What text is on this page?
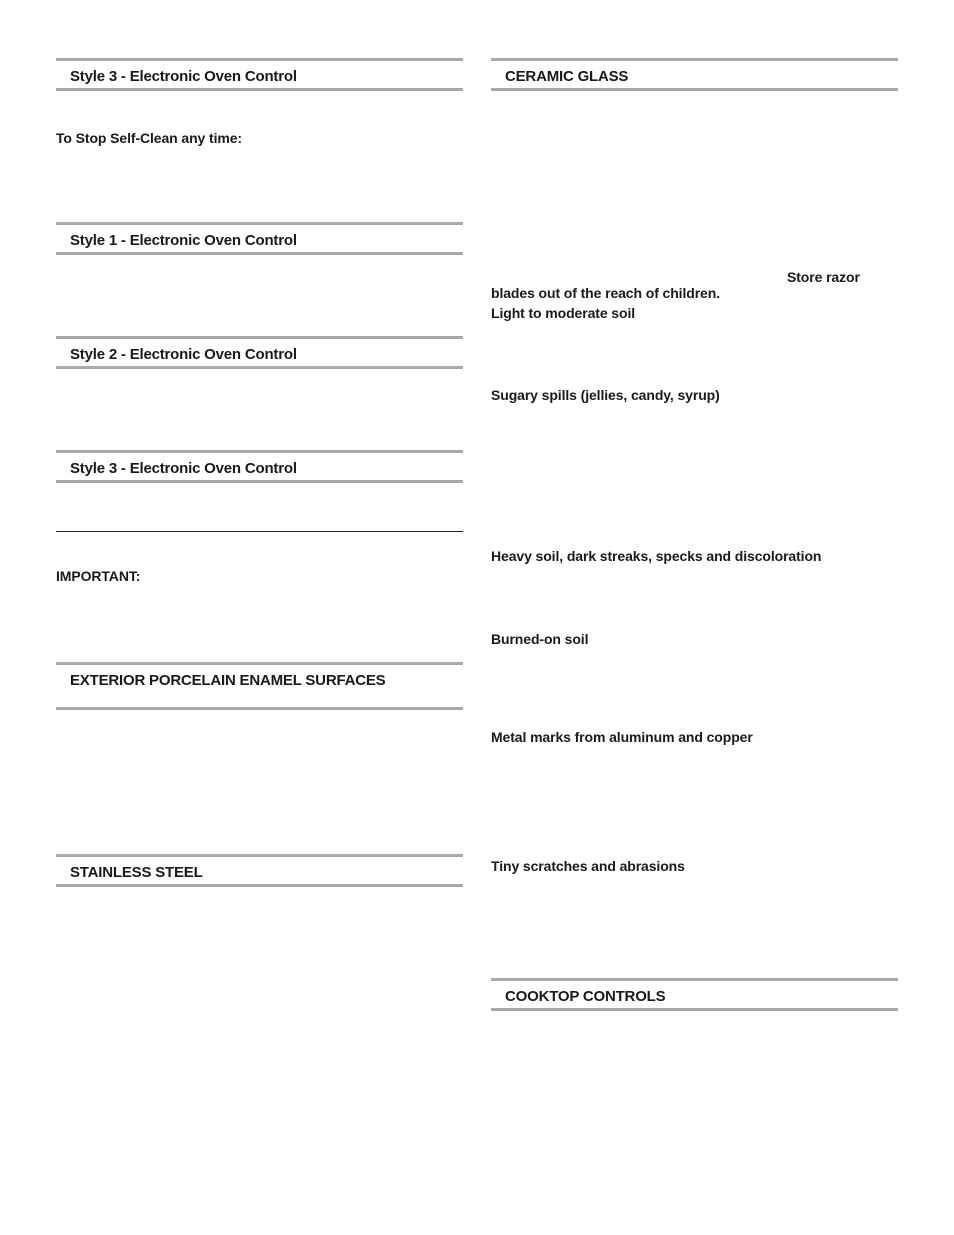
Style 3 - Electronic Oven Control
To Stop Self-Clean any time:
Style 1 - Electronic Oven Control
Style 2 - Electronic Oven Control
Style 3 - Electronic Oven Control
IMPORTANT:
EXTERIOR PORCELAIN ENAMEL SURFACES
STAINLESS STEEL
CERAMIC GLASS
Store razor
blades out of the reach of children.
Light to moderate soil
Sugary spills (jellies, candy, syrup)
Heavy soil, dark streaks, specks and discoloration
Burned-on soil
Metal marks from aluminum and copper
Tiny scratches and abrasions
COOKTOP CONTROLS
